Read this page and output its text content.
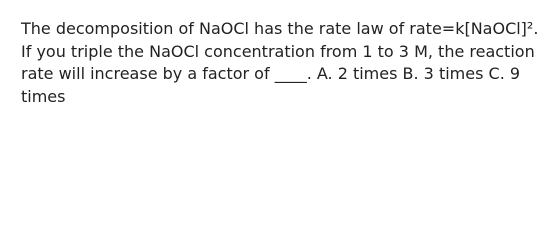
The decomposition of NaOCl has the rate law of rate=k[NaOCl]². If you triple the NaOCl concentration from 1 to 3 M, the reaction rate will increase by a factor of ____. A. 2 times B. 3 times C. 9 times
